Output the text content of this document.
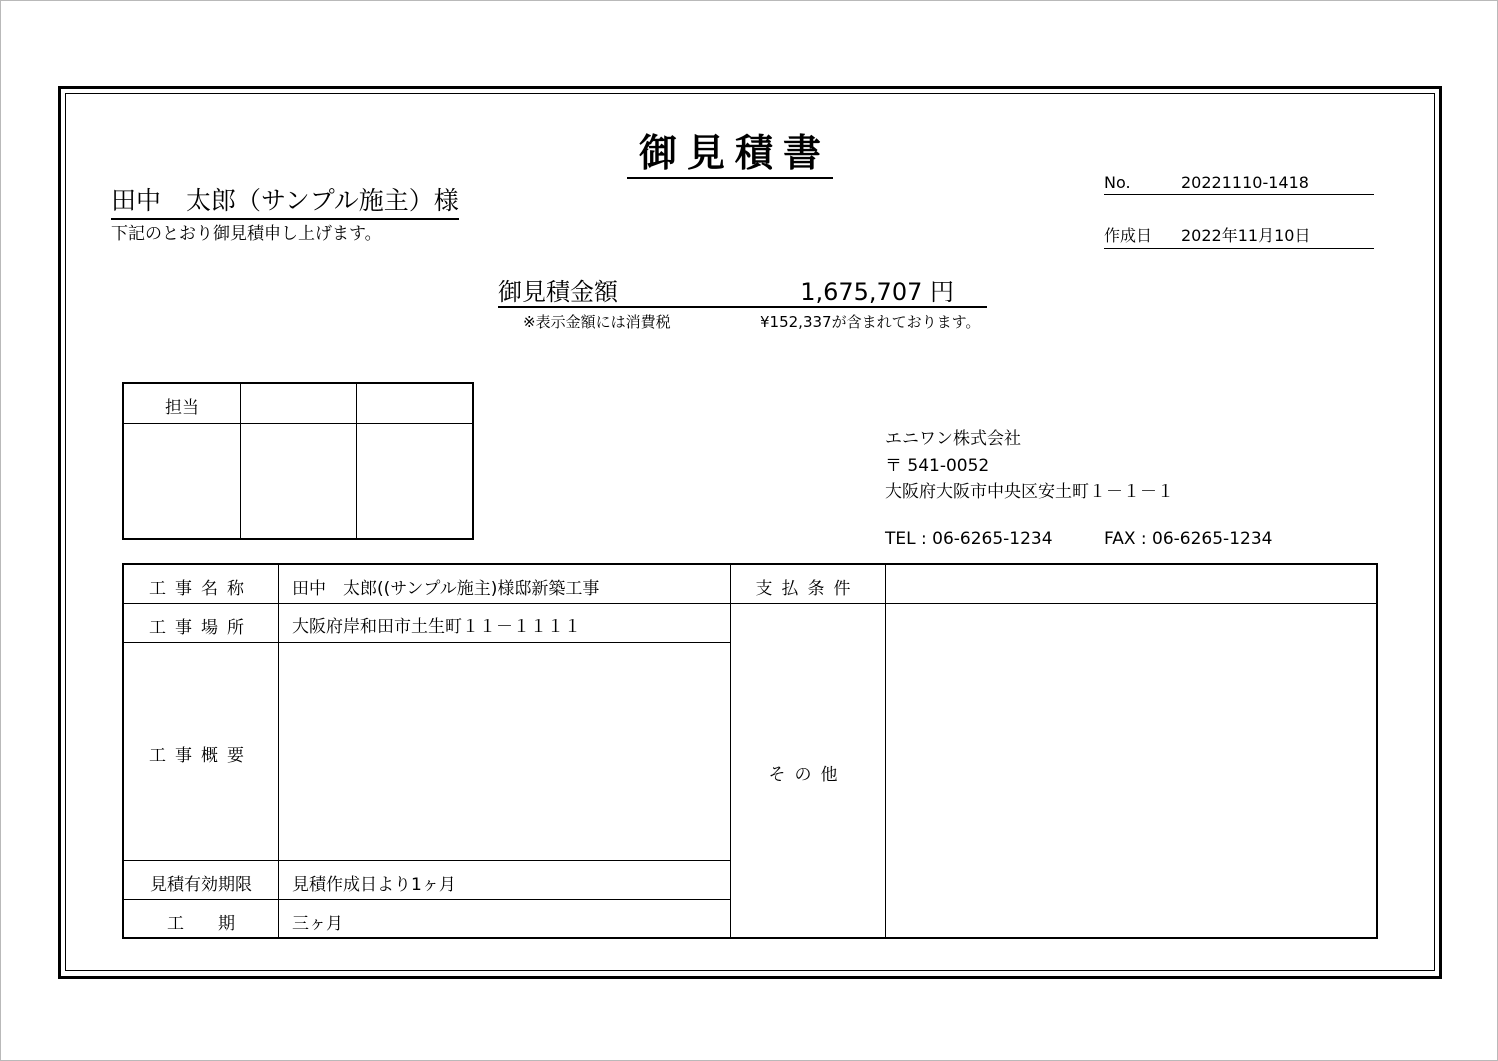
御見積書
田中　太郎（サンプル施主）様
下記のとおり御見積申し上げます。
No.	20221110-1418
作成日 2022年11月10日
御見積金額	1,675,707 円
※表示金額には消費税	¥152,337が含まれております。
担当
エニワン株式会社
〒 541-0052
大阪府大阪市中央区安土町１－１－１
TEL : 06-6265-1234	FAX : 06-6265-1234
工事名称	田中　太郎((サンプル施主)様邸新築工事	支払条件
工事場所	大阪府岸和田市土生町１１－１１１１
工事概要
その他
見積有効期限	見積作成日より1ヶ月
工　　期	三ヶ月
